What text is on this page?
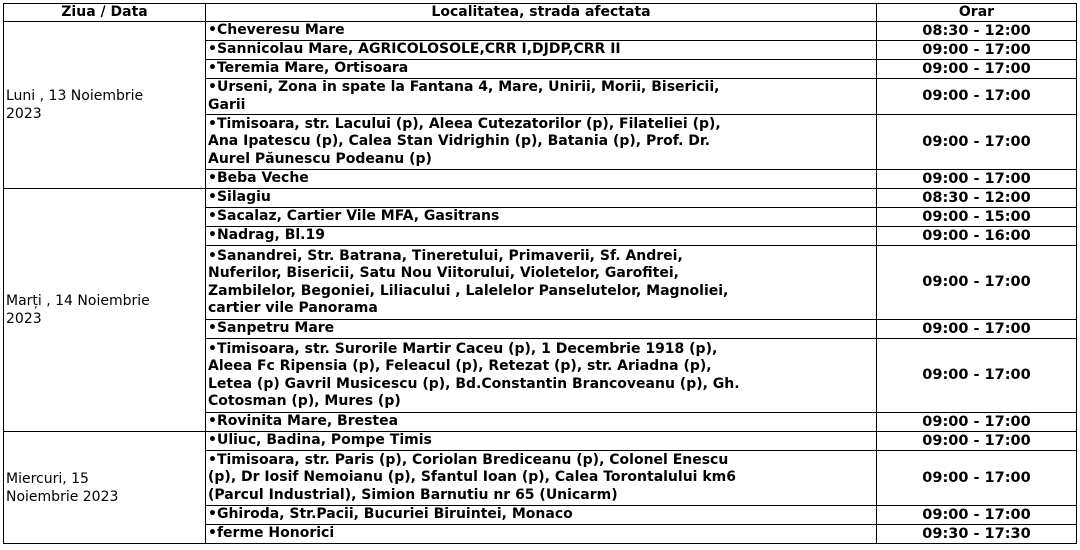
Ziua / Data	Localitatea, strada afectata	Orar
Luni , 13 Noiembrie
2023	•Cheveresu Mare	08:30 - 12:00
	•Sannicolau Mare, AGRICOLOSOLE,CRR I,DJDP,CRR II	09:00 - 17:00
	•Teremia Mare, Ortisoara	09:00 - 17:00
	•Urseni, Zona in spate la Fantana 4, Mare, Unirii, Morii, Bisericii,
Garii	09:00 - 17:00
	•Timisoara, str. Lacului (p), Aleea Cutezatorilor (p), Filateliei (p),
Ana Ipatescu (p), Calea Stan Vidrighin (p), Batania (p), Prof. Dr.
Aurel Păunescu Podeanu (p)	09:00 - 17:00
	•Beba Veche	09:00 - 17:00
Marți , 14 Noiembrie
2023	•Silagiu	08:30 - 12:00
	•Sacalaz, Cartier Vile MFA, Gasitrans	09:00 - 15:00
	•Nadrag, Bl.19	09:00 - 16:00
	•Sanandrei, Str. Batrana, Tineretului, Primaverii, Sf. Andrei,
Nuferilor, Bisericii, Satu Nou Viitorului, Violetelor, Garofitei,
Zambilelor, Begoniei, Liliacului , Lalelelor Panselutelor, Magnoliei,
cartier vile Panorama	09:00 - 17:00
	•Sanpetru Mare	09:00 - 17:00
	•Timisoara, str. Surorile Martir Caceu (p), 1 Decembrie 1918 (p),
Aleea Fc Ripensia (p), Feleacul (p), Retezat (p), str. Ariadna (p),
Letea (p) Gavril Musicescu (p), Bd.Constantin Brancoveanu (p), Gh.
Cotosman (p), Mures (p)	09:00 - 17:00
	•Rovinita Mare, Brestea	09:00 - 17:00
Miercuri, 15
Noiembrie 2023	•Uliuc, Badina, Pompe Timis	09:00 - 17:00
	•Timisoara, str. Paris (p), Coriolan Brediceanu (p), Colonel Enescu
(p), Dr Iosif Nemoianu (p), Sfantul Ioan (p), Calea Torontalului km6
(Parcul Industrial), Simion Barnutiu nr 65 (Unicarm)	09:00 - 17:00
	•Ghiroda, Str.Pacii, Bucuriei Biruintei, Monaco	09:00 - 17:00
	•ferme Honorici	09:30 - 17:30
